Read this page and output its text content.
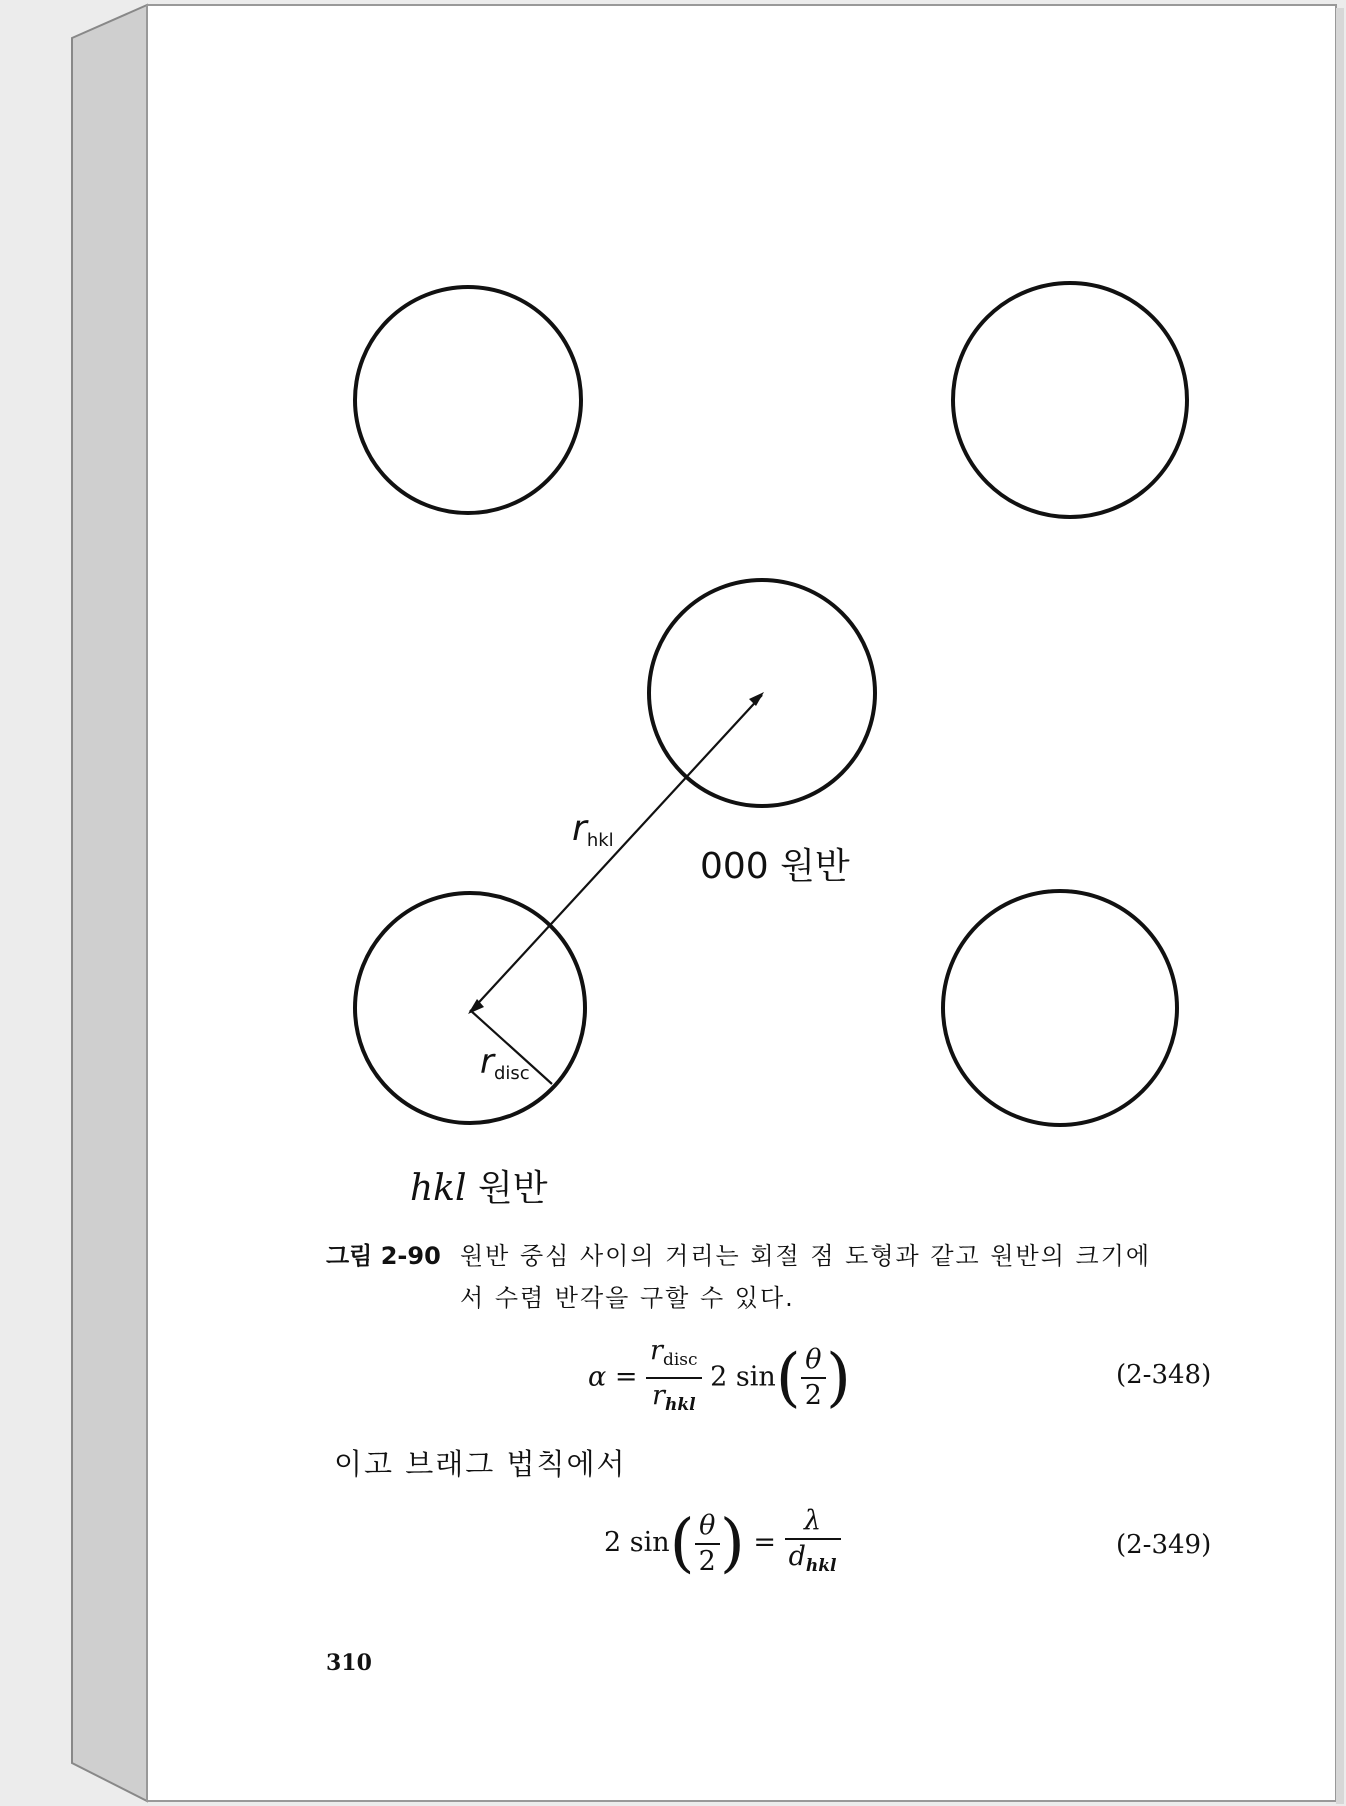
rhkl
rdisc
000 원반
hkl 원반
그림 2-90 원반 중심 사이의 거리는 회절 점 도형과 같고 원반의 크기에
서 수렴 반각을 구할 수 있다.
$\alpha = \frac{r_{disc}}{r_{hkl}} 2$ $\sin( \frac{\theta}{2}$ )	(2-348)
이고 브래그 법칙에서
2 $\sin( \frac{\theta}{2}$ ) = $\frac{\lambda}{d_{hkl}}$	(2-349)
310
